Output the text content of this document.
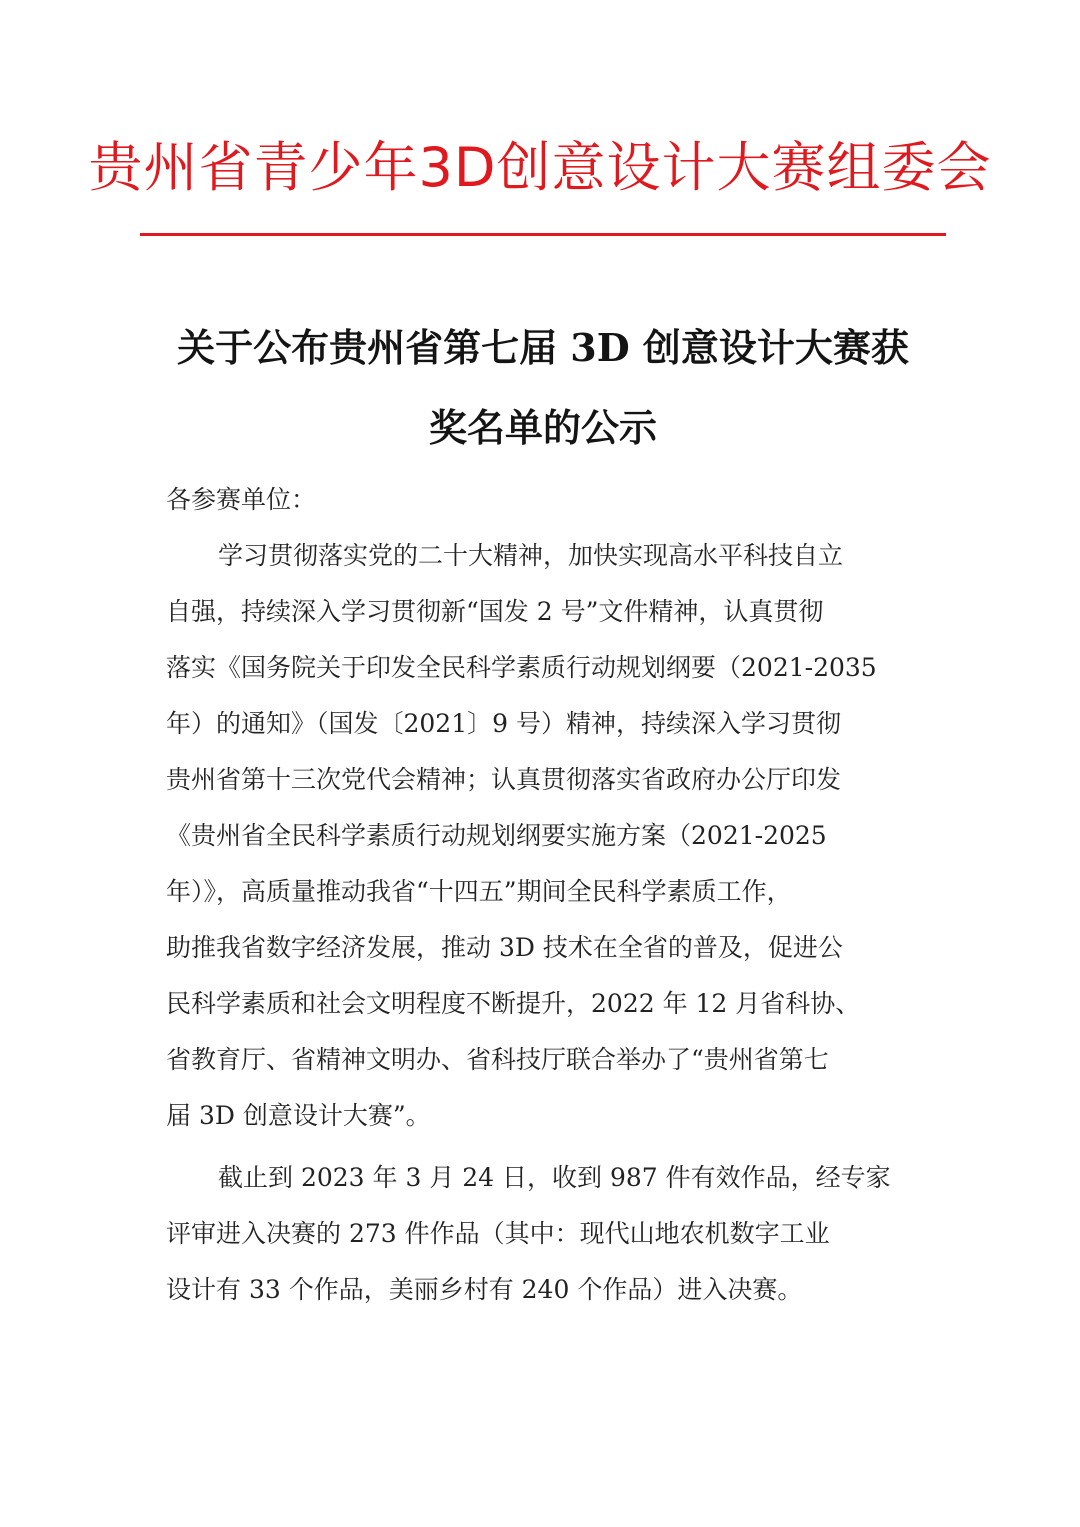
贵州省青少年3D创意设计大赛组委会
关于公布贵州省第七届 3D 创意设计大赛获
奖名单的公示
各参赛单位：
学习贯彻落实党的二十大精神，加快实现高水平科技自立
自强，持续深入学习贯彻新“国发 2 号”文件精神，认真贯彻
落实《国务院关于印发全民科学素质行动规划纲要（2021-2035
年）的通知》（国发〔2021〕9 号）精神，持续深入学习贯彻
贵州省第十三次党代会精神；认真贯彻落实省政府办公厅印发
《贵州省全民科学素质行动规划纲要实施方案（2021-2025
年）》，高质量推动我省“十四五”期间全民科学素质工作，
助推我省数字经济发展，推动 3D 技术在全省的普及，促进公
民科学素质和社会文明程度不断提升，2022 年 12 月省科协、
省教育厅、省精神文明办、省科技厅联合举办了“贵州省第七
届 3D 创意设计大赛”。
截止到 2023 年 3 月 24 日，收到 987 件有效作品，经专家
评审进入决赛的 273 件作品（其中：现代山地农机数字工业
设计有 33 个作品，美丽乡村有 240 个作品）进入决赛。
